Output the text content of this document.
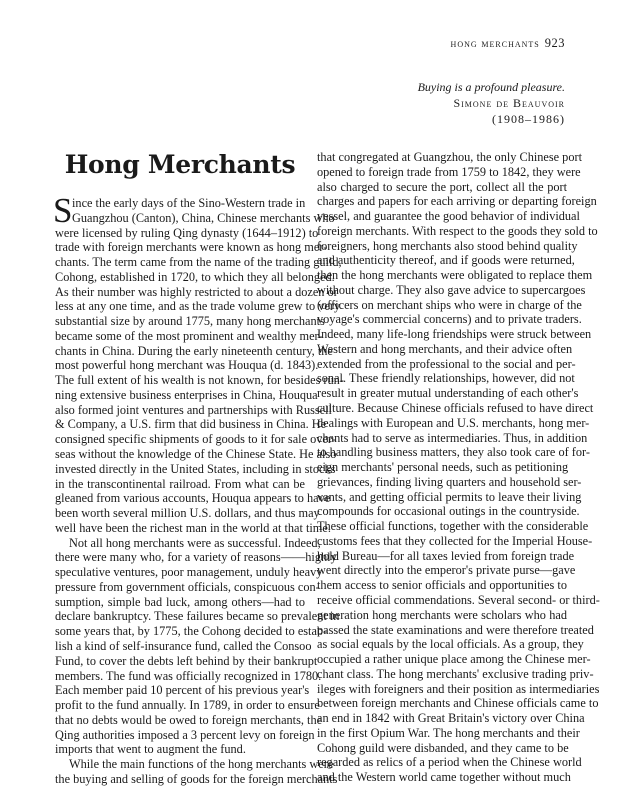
hong merchants 923
Buying is a profound pleasure.
Simone de Beauvoir
(1908–1986)
Hong Merchants
S ince the early days of the Sino-Western trade in
Guangzhou (Canton), China, Chinese merchants who
were licensed by ruling Qing dynasty (1644–1912) to
trade with foreign merchants were known as hong mer-
chants. The term came from the name of the trading guild,
Cohong, established in 1720, to which they all belonged.
As their number was highly restricted to about a dozen or
less at any one time, and as the trade volume grew to very
substantial size by around 1775, many hong merchants
became some of the most prominent and wealthy mer-
chants in China. During the early nineteenth century, the
most powerful hong merchant was Houqua (d. 1843).
The full extent of his wealth is not known, for besides run-
ning extensive business enterprises in China, Houqua
also formed joint ventures and partnerships with Russell
& Company, a U.S. firm that did business in China. He
consigned specific shipments of goods to it for sale over-
seas without the knowledge of the Chinese State. He also
invested directly in the United States, including in stocks
in the transcontinental railroad. From what can be
gleaned from various accounts, Houqua appears to have
been worth several million U.S. dollars, and thus may
well have been the richest man in the world at that time.
Not all hong merchants were as successful. Indeed,
there were many who, for a variety of reasons——highly
speculative ventures, poor management, unduly heavy
pressure from government officials, conspicuous con-
sumption, simple bad luck, among others—had to
declare bankruptcy. These failures became so prevalent in
some years that, by 1775, the Cohong decided to estab-
lish a kind of self-insurance fund, called the Consoo
Fund, to cover the debts left behind by their bankrupt
members. The fund was officially recognized in 1780.
Each member paid 10 percent of his previous year's
profit to the fund annually. In 1789, in order to ensure
that no debts would be owed to foreign merchants, the
Qing authorities imposed a 3 percent levy on foreign
imports that went to augment the fund.
While the main functions of the hong merchants were
the buying and selling of goods for the foreign merchants
that congregated at Guangzhou, the only Chinese port
opened to foreign trade from 1759 to 1842, they were
also charged to secure the port, collect all the port
charges and papers for each arriving or departing foreign
vessel, and guarantee the good behavior of individual
foreign merchants. With respect to the goods they sold to
foreigners, hong merchants also stood behind quality
and authenticity thereof, and if goods were returned,
then the hong merchants were obligated to replace them
without charge. They also gave advice to supercargoes
(officers on merchant ships who were in charge of the
voyage's commercial concerns) and to private traders.
Indeed, many life-long friendships were struck between
Western and hong merchants, and their advice often
extended from the professional to the social and per-
sonal. These friendly relationships, however, did not
result in greater mutual understanding of each other's
culture. Because Chinese officials refused to have direct
dealings with European and U.S. merchants, hong mer-
chants had to serve as intermediaries. Thus, in addition
to handling business matters, they also took care of for-
eign merchants' personal needs, such as petitioning
grievances, finding living quarters and household ser-
vants, and getting official permits to leave their living
compounds for occasional outings in the countryside.
These official functions, together with the considerable
customs fees that they collected for the Imperial House-
hold Bureau—for all taxes levied from foreign trade
went directly into the emperor's private purse—gave
them access to senior officials and opportunities to
receive official commendations. Several second- or third-
generation hong merchants were scholars who had
passed the state examinations and were therefore treated
as social equals by the local officials. As a group, they
occupied a rather unique place among the Chinese mer-
chant class. The hong merchants' exclusive trading priv-
ileges with foreigners and their position as intermediaries
between foreign merchants and Chinese officials came to
an end in 1842 with Great Britain's victory over China
in the first Opium War. The hong merchants and their
Cohong guild were disbanded, and they came to be
regarded as relics of a period when the Chinese world
and the Western world came together without much
